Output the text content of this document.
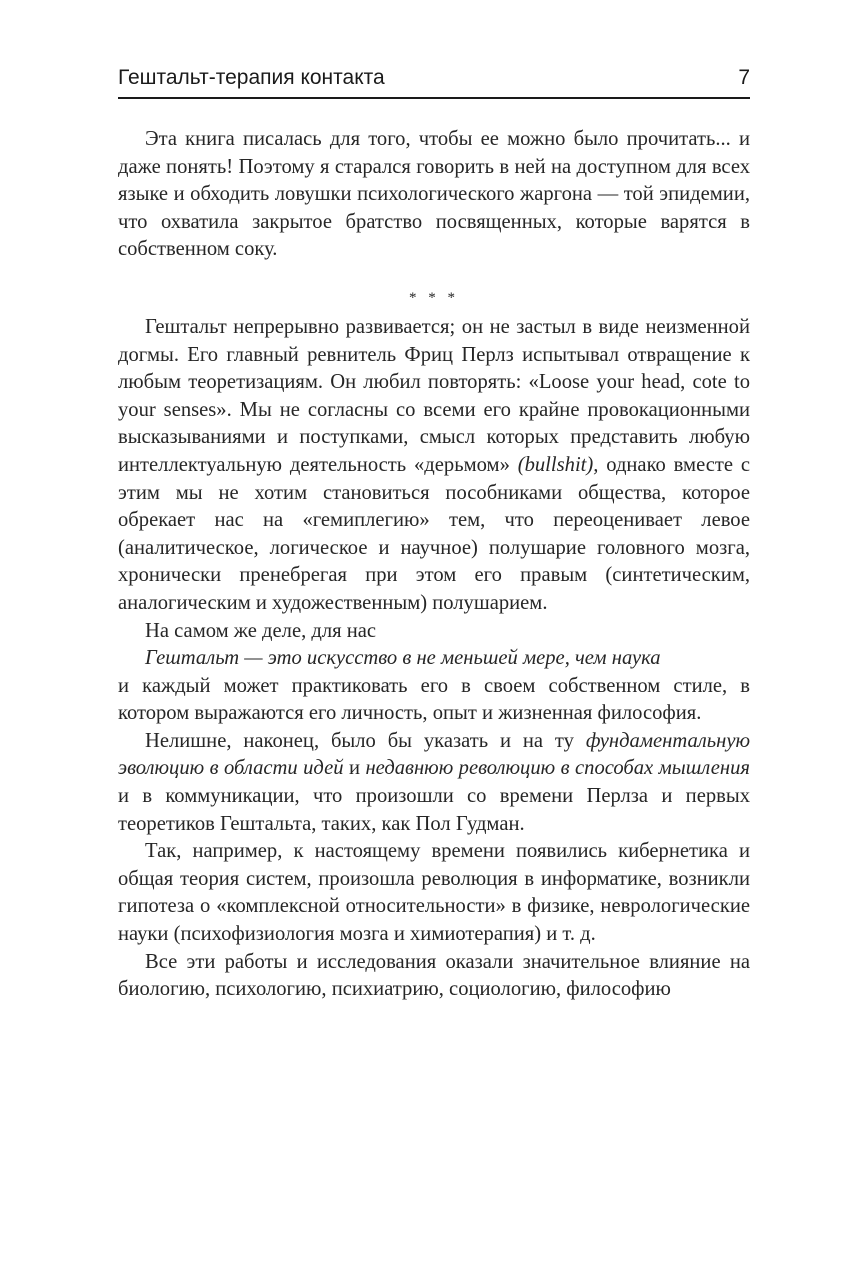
Гештальт-терапия контакта	7

Эта книга писалась для того, чтобы ее можно было прочитать... и даже понять! Поэтому я старался говорить в ней на доступном для всех языке и обходить ловушки психологического жаргона — той эпидемии, что охватила закрытое братство посвященных, которые варятся в собственном соку.

* * *

Гештальт непрерывно развивается; он не застыл в виде неизменной догмы. Его главный ревнитель Фриц Перлз испытывал отвращение к любым теоретизациям. Он любил повторять: «Loose your head, cote to your senses». Мы не согласны со всеми его крайне провокационными высказываниями и поступками, смысл которых представить любую интеллектуальную деятельность «дерьмом» (bullshit), однако вместе с этим мы не хотим становиться пособниками общества, которое обрекает нас на «гемиплегию» тем, что переоценивает левое (аналитическое, логическое и научное) полушарие головного мозга, хронически пренебрегая при этом его правым (синтетическим, аналогическим и художественным) полушарием.

На самом же деле, для нас

Гештальт — это искусство в не меньшей мере, чем наука

и каждый может практиковать его в своем собственном стиле, в котором выражаются его личность, опыт и жизненная философия.

Нелишне, наконец, было бы указать и на ту фундаментальную эволюцию в области идей и недавнюю революцию в способах мышления и в коммуникации, что произошли со времени Перлза и первых теоретиков Гештальта, таких, как Пол Гудман.

Так, например, к настоящему времени появились кибернетика и общая теория систем, произошла революция в информатике, возникли гипотеза о «комплексной относительности» в физике, неврологические науки (психофизиология мозга и химиотерапия) и т. д.

Все эти работы и исследования оказали значительное влияние на биологию, психологию, психиатрию, социологию, философию
